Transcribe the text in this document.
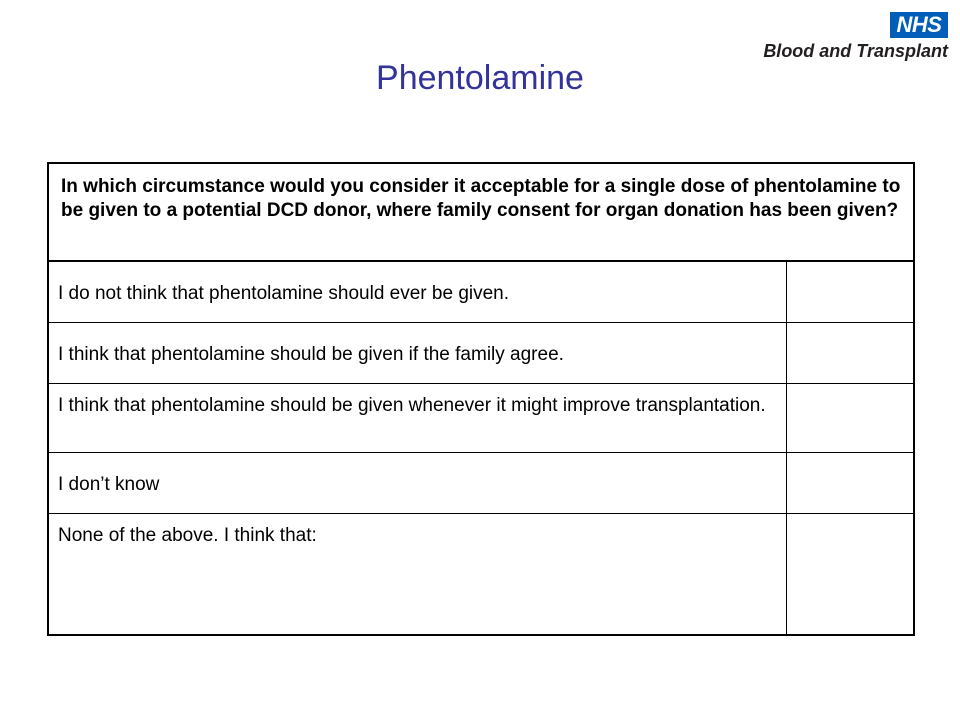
NHS
Blood and Transplant
Phentolamine
In which circumstance would you consider it acceptable for a single dose of phentolamine to be given to a potential DCD donor, where family consent for organ donation has been given?	
I do not think that phentolamine should ever be given.	
I think that phentolamine should be given if the family agree.	
I think that phentolamine should be given whenever it might improve transplantation.	
I don’t know	
None of the above. I think that:	
